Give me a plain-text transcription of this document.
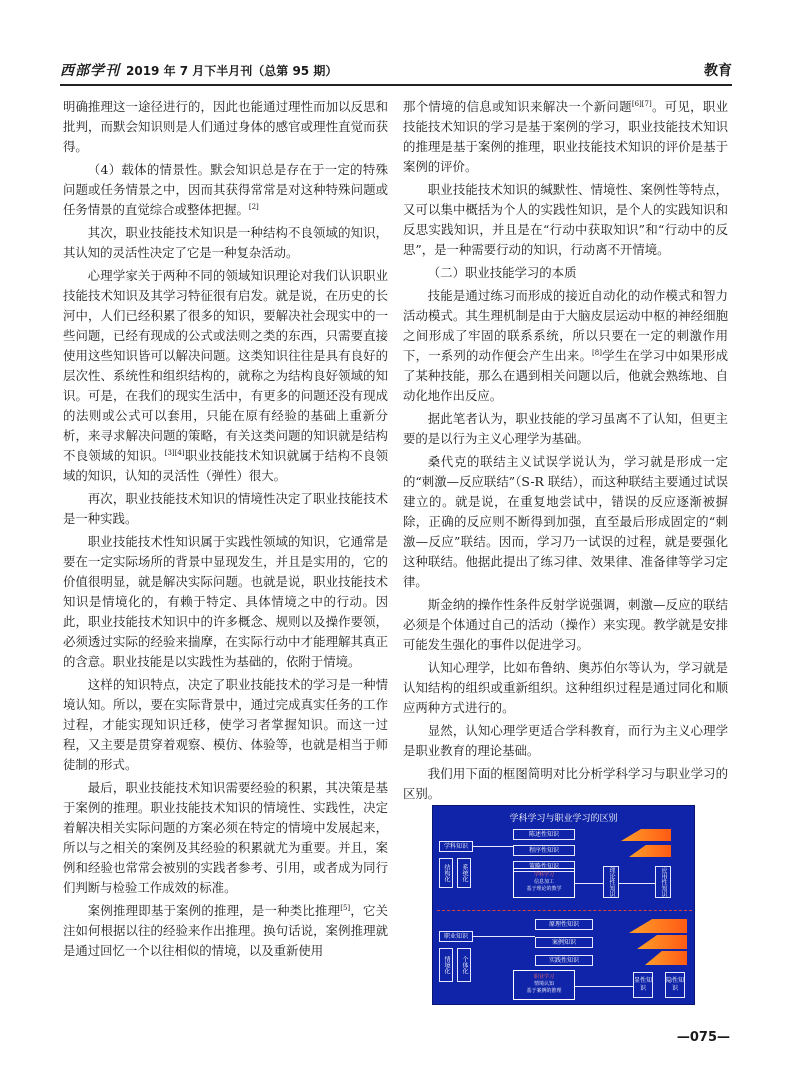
西部学刊 2019 年 7 月下半月刊（总第 95 期）	教育

明确推理这一途径进行的，因此也能通过理性而加以反思和批判，而默会知识则是人们通过身体的感官或理性直觉而获得。

（4）载体的情景性。默会知识总是存在于一定的特殊问题或任务情景之中，因而其获得常常是对这种特殊问题或任务情景的直觉综合或整体把握。[2]

其次，职业技能技术知识是一种结构不良领域的知识，其认知的灵活性决定了它是一种复杂活动。

心理学家关于两种不同的领域知识理论对我们认识职业技能技术知识及其学习特征很有启发。就是说，在历史的长河中，人们已经积累了很多的知识，要解决社会现实中的一些问题，已经有现成的公式或法则之类的东西，只需要直接使用这些知识皆可以解决问题。这类知识往往是具有良好的层次性、系统性和组织结构的，就称之为结构良好领域的知识。可是，在我们的现实生活中，有更多的问题还没有现成的法则或公式可以套用，只能在原有经验的基础上重新分析，来寻求解决问题的策略，有关这类问题的知识就是结构不良领域的知识。[3][4]职业技能技术知识就属于结构不良领域的知识，认知的灵活性（弹性）很大。

再次，职业技能技术知识的情境性决定了职业技能技术是一种实践。

职业技能技术性知识属于实践性领域的知识，它通常是要在一定实际场所的背景中显现发生，并且是实用的，它的价值很明显，就是解决实际问题。也就是说，职业技能技术知识是情境化的，有赖于特定、具体情境之中的行动。因此，职业技能技术知识中的许多概念、规则以及操作要领，必须透过实际的经验来揣摩，在实际行动中才能理解其真正的含意。职业技能是以实践性为基础的，依附于情境。

这样的知识特点，决定了职业技能技术的学习是一种情境认知。所以，要在实际背景中，通过完成真实任务的工作过程，才能实现知识迁移，使学习者掌握知识。而这一过程，又主要是贯穿着观察、模仿、体验等，也就是相当于师徒制的形式。

最后，职业技能技术知识需要经验的积累，其决策是基于案例的推理。职业技能技术知识的情境性、实践性，决定着解决相关实际问题的方案必须在特定的情境中发展起来，所以与之相关的案例及其经验的积累就尤为重要。并且，案例和经验也常常会被别的实践者参考、引用，或者成为同行们判断与检验工作成效的标准。

案例推理即基于案例的推理，是一种类比推理[5]，它关注如何根据以往的经验来作出推理。换句话说，案例推理就是通过回忆一个以往相似的情境，以及重新使用

那个情境的信息或知识来解决一个新问题[6][7]。可见，职业技能技术知识的学习是基于案例的学习，职业技能技术知识的推理是基于案例的推理，职业技能技术知识的评价是基于案例的评价。

职业技能技术知识的缄默性、情境性、案例性等特点，又可以集中概括为个人的实践性知识，是个人的实践知识和反思实践知识，并且是在“行动中获取知识”和“行动中的反思”，是一种需要行动的知识，行动离不开情境。

（二）职业技能学习的本质

技能是通过练习而形成的接近自动化的动作模式和智力活动模式。其生理机制是由于大脑皮层运动中枢的神经细胞之间形成了牢固的联系系统，所以只要在一定的刺激作用下，一系列的动作便会产生出来。[8]学生在学习中如果形成了某种技能，那么在遇到相关问题以后，他就会熟练地、自动化地作出反应。

据此笔者认为，职业技能的学习虽离不了认知，但更主要的是以行为主义心理学为基础。

桑代克的联结主义试误学说认为，学习就是形成一定的“刺激—反应联结”（S-R 联结），而这种联结主要通过试误建立的。就是说，在重复地尝试中，错误的反应逐渐被摒除，正确的反应则不断得到加强，直至最后形成固定的“刺激—反应”联结。因而，学习乃一试误的过程，就是要强化这种联结。他据此提出了练习律、效果律、准备律等学习定律。

斯金纳的操作性条件反射学说强调，刺激—反应的联结必须是个体通过自己的活动（操作）来实现。教学就是安排可能发生强化的事件以促进学习。

认知心理学，比如布鲁纳、奥苏伯尔等认为，学习就是认知结构的组织或重新组织。这种组织过程是通过同化和顺应两种方式进行的。

显然，认知心理学更适合学科教育，而行为主义心理学是职业教育的理论基础。

我们用下面的框图简明对比分析学科学习与职业学习的区别。

学科学习与职业学习的区别
陈述性知识
程序性知识
策略性知识
学科知识
结构化	系统化	学科学习
信息加工
基于理论的教学	理论性知识	应用性知识
原理性知识
案例知识
实践性知识
职业知识
情境化	个体化
职业学习
情境认知
基于案例的推理
显性知识
隐性知识
—075—
